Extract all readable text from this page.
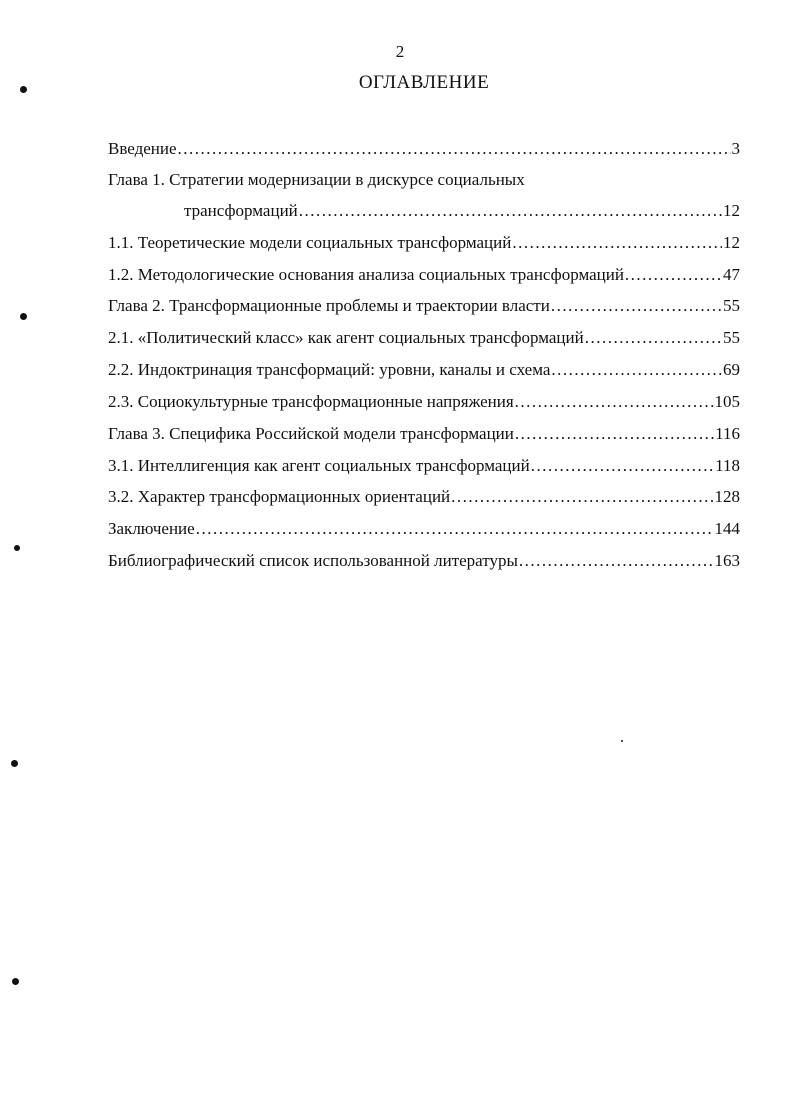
2
ОГЛАВЛЕНИЕ
Введение .....	3
Глава 1. Стратегии модернизации в дискурсе социальных
трансформаций .....	12
1.1. Теоретические модели социальных трансформаций .....	12
1.2. Методологические основания анализа социальных трансформаций .....	47
Глава 2. Трансформационные проблемы и траектории власти .....	55
2.1. «Политический класс» как агент социальных трансформаций .....	55
2.2. Индоктринация трансформаций: уровни, каналы и схема .....	69
2.3. Социокультурные трансформационные напряжения .....	105
Глава 3. Специфика Российской модели трансформации .....	116
3.1. Интеллигенция как агент социальных трансформаций .....	118
3.2. Характер трансформационных ориентаций .....	128
Заключение .....	144
Библиографический список использованной литературы .....	163
